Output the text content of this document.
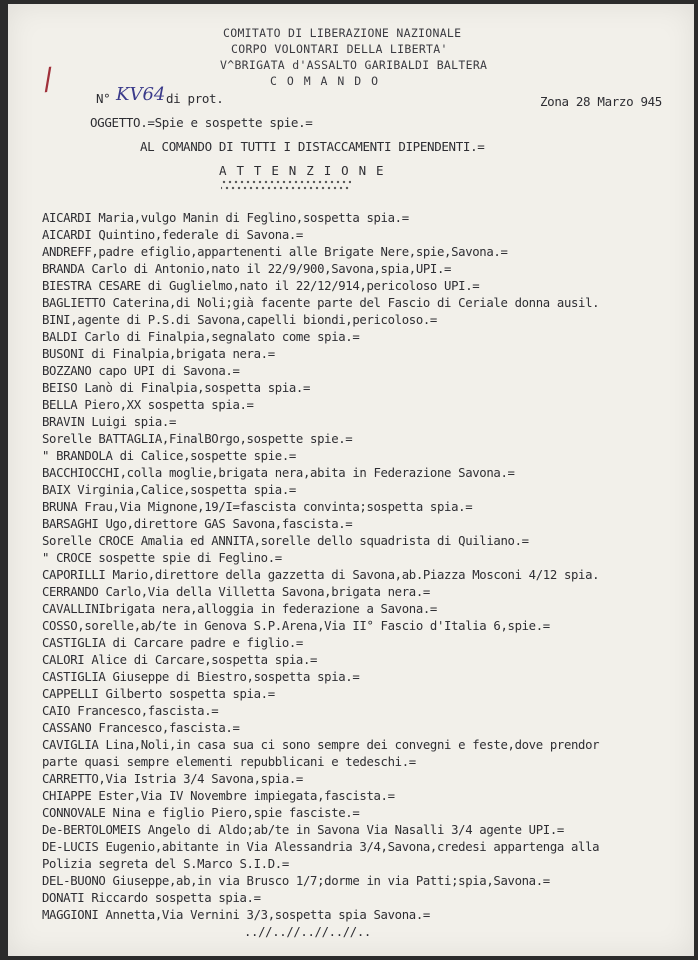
COMITATO DI LIBERAZIONE NAZIONALE
CORPO VOLONTARI DELLA LIBERTA'
V^BRIGATA d'ASSALTO GARIBALDI BALTERA
C O M A N D O
/
N° KV64 di prot.	Zona 28 Marzo 945
OGGETTO.=Spie e sospette spie.=
AL COMANDO DI TUTTI I DISTACCAMENTI DIPENDENTI.=
A T T E N Z I O N E
AICARDI Maria,vulgo Manin di Feglino,sospetta spia.=
AICARDI Quintino,federale di Savona.=
ANDREFF,padre efiglio,appartenenti alle Brigate Nere,spie,Savona.=
BRANDA Carlo di Antonio,nato il 22/9/900,Savona,spia,UPI.=
BIESTRA CESARE di Guglielmo,nato il 22/12/914,pericoloso UPI.=
BAGLIETTO Caterina,di Noli;già facente parte del Fascio di Ceriale donna ausil.
BINI,agente di P.S.di Savona,capelli biondi,pericoloso.=
BALDI Carlo di Finalpia,segnalato come spia.=
BUSONI di Finalpia,brigata nera.=
BOZZANO capo UPI di Savona.=
BEISO Lanò di Finalpia,sospetta spia.=
BELLA Piero,XX sospetta spia.=
BRAVIN Luigi spia.=
Sorelle BATTAGLIA,FinalBOrgo,sospette spie.=
" BRANDOLA di Calice,sospette spie.=
BACCHIOCCHI,colla moglie,brigata nera,abita in Federazione Savona.=
BAIX Virginia,Calice,sospetta spia.=
BRUNA Frau,Via Mignone,19/I=fascista convinta;sospetta spia.=
BARSAGHI Ugo,direttore GAS Savona,fascista.=
Sorelle CROCE Amalia ed ANNITA,sorelle dello squadrista di Quiliano.=
" CROCE sospette spie di Feglino.=
CAPORILLI Mario,direttore della gazzetta di Savona,ab.Piazza Mosconi 4/12 spia.
CERRANDO Carlo,Via della Villetta Savona,brigata nera.=
CAVALLINIbrigata nera,alloggia in federazione a Savona.=
COSSO,sorelle,ab/te in Genova S.P.Arena,Via II° Fascio d'Italia 6,spie.=
CASTIGLIA di Carcare padre e figlio.=
CALORI Alice di Carcare,sospetta spia.=
CASTIGLIA Giuseppe di Biestro,sospetta spia.=
CAPPELLI Gilberto sospetta spia.=
CAIO Francesco,fascista.=
CASSANO Francesco,fascista.=
CAVIGLIA Lina,Noli,in casa sua ci sono sempre dei convegni e feste,dove prendor
parte quasi sempre elementi repubblicani e tedeschi.=
CARRETTO,Via Istria 3/4 Savona,spia.=
CHIAPPE Ester,Via IV Novembre impiegata,fascista.=
CONNOVALE Nina e figlio Piero,spie fasciste.=
De-BERTOLOMEIS Angelo di Aldo;ab/te in Savona Via Nasalli 3/4 agente UPI.=
DE-LUCIS Eugenio,abitante in Via Alessandria 3/4,Savona,credesi appartenga alla
Polizia segreta del S.Marco S.I.D.=
DEL-BUONO Giuseppe,ab,in via Brusco 1/7;dorme in via Patti;spia,Savona.=
DONATI Riccardo sospetta spia.=
MAGGIONI Annetta,Via Vernini 3/3,sospetta spia Savona.=
..//..//..//..//..
